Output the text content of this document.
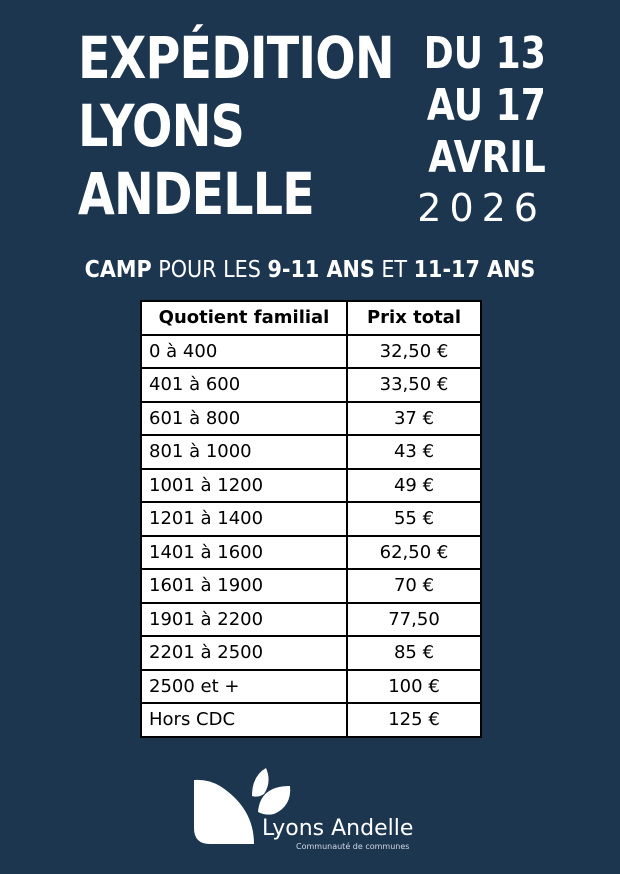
EXPÉDITION
LYONS
ANDELLE
DU 13
AU 17
AVRIL
2026
CAMP POUR LES 9-11 ANS ET 11-17 ANS
Quotient familial	Prix total
0 à 400	32,50 €
401 à 600	33,50 €
601 à 800	37 €
801 à 1000	43 €
1001 à 1200	49 €
1201 à 1400	55 €
1401 à 1600	62,50 €
1601 à 1900	70 €
1901 à 2200	77,50
2201 à 2500	85 €
2500 et +	100 €
Hors CDC	125 €
Lyons Andelle
Communauté de communes
